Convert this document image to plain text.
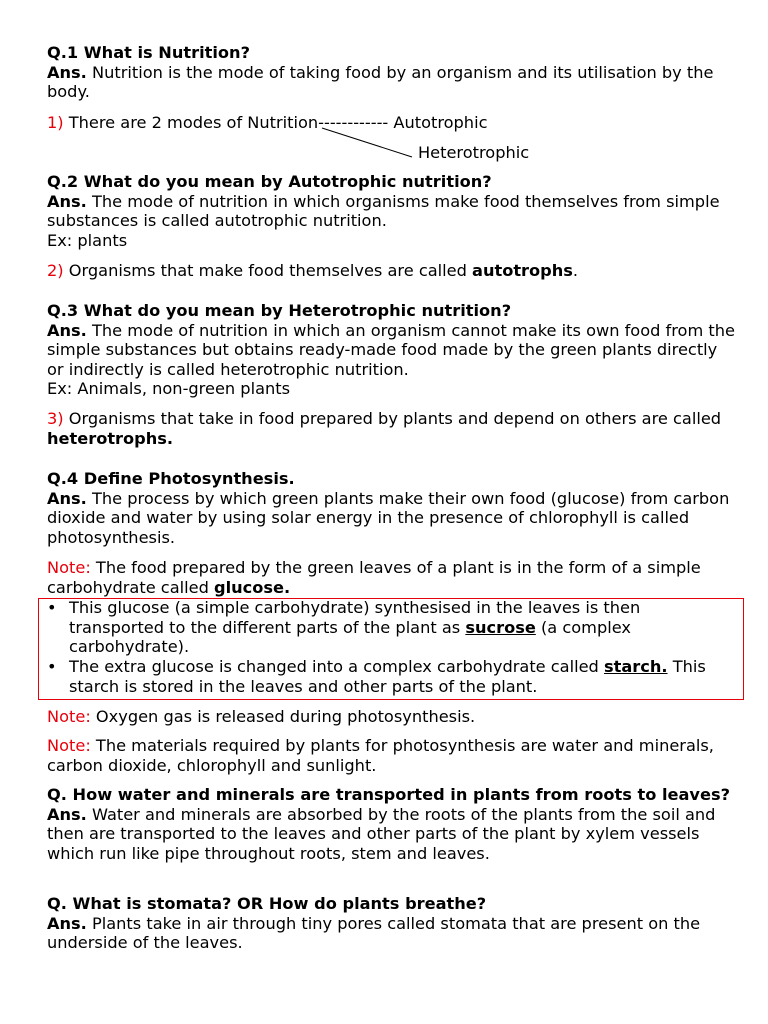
Q.1 What is Nutrition?
Ans. Nutrition is the mode of taking food by an organism and its utilisation by the body.

1) There are 2 modes of Nutrition------------ Autotrophic

Heterotrophic

Q.2 What do you mean by Autotrophic nutrition?
Ans. The mode of nutrition in which organisms make food themselves from simple substances is called autotrophic nutrition.
Ex: plants

2) Organisms that make food themselves are called autotrophs.

Q.3 What do you mean by Heterotrophic nutrition?
Ans. The mode of nutrition in which an organism cannot make its own food from the simple substances but obtains ready-made food made by the green plants directly or indirectly is called heterotrophic nutrition.
Ex: Animals, non-green plants

3) Organisms that take in food prepared by plants and depend on others are called heterotrophs.

Q.4 Define Photosynthesis.
Ans. The process by which green plants make their own food (glucose) from carbon dioxide and water by using solar energy in the presence of chlorophyll is called photosynthesis.

Note: The food prepared by the green leaves of a plant is in the form of a simple carbohydrate called glucose.

• This glucose (a simple carbohydrate) synthesised in the leaves is then transported to the different parts of the plant as sucrose (a complex carbohydrate).
• The extra glucose is changed into a complex carbohydrate called starch. This starch is stored in the leaves and other parts of the plant.

Note: Oxygen gas is released during photosynthesis.

Note: The materials required by plants for photosynthesis are water and minerals, carbon dioxide, chlorophyll and sunlight.

Q. How water and minerals are transported in plants from roots to leaves?
Ans. Water and minerals are absorbed by the roots of the plants from the soil and then are transported to the leaves and other parts of the plant by xylem vessels which run like pipe throughout roots, stem and leaves.

Q. What is stomata? OR How do plants breathe?
Ans. Plants take in air through tiny pores called stomata that are present on the underside of the leaves.
